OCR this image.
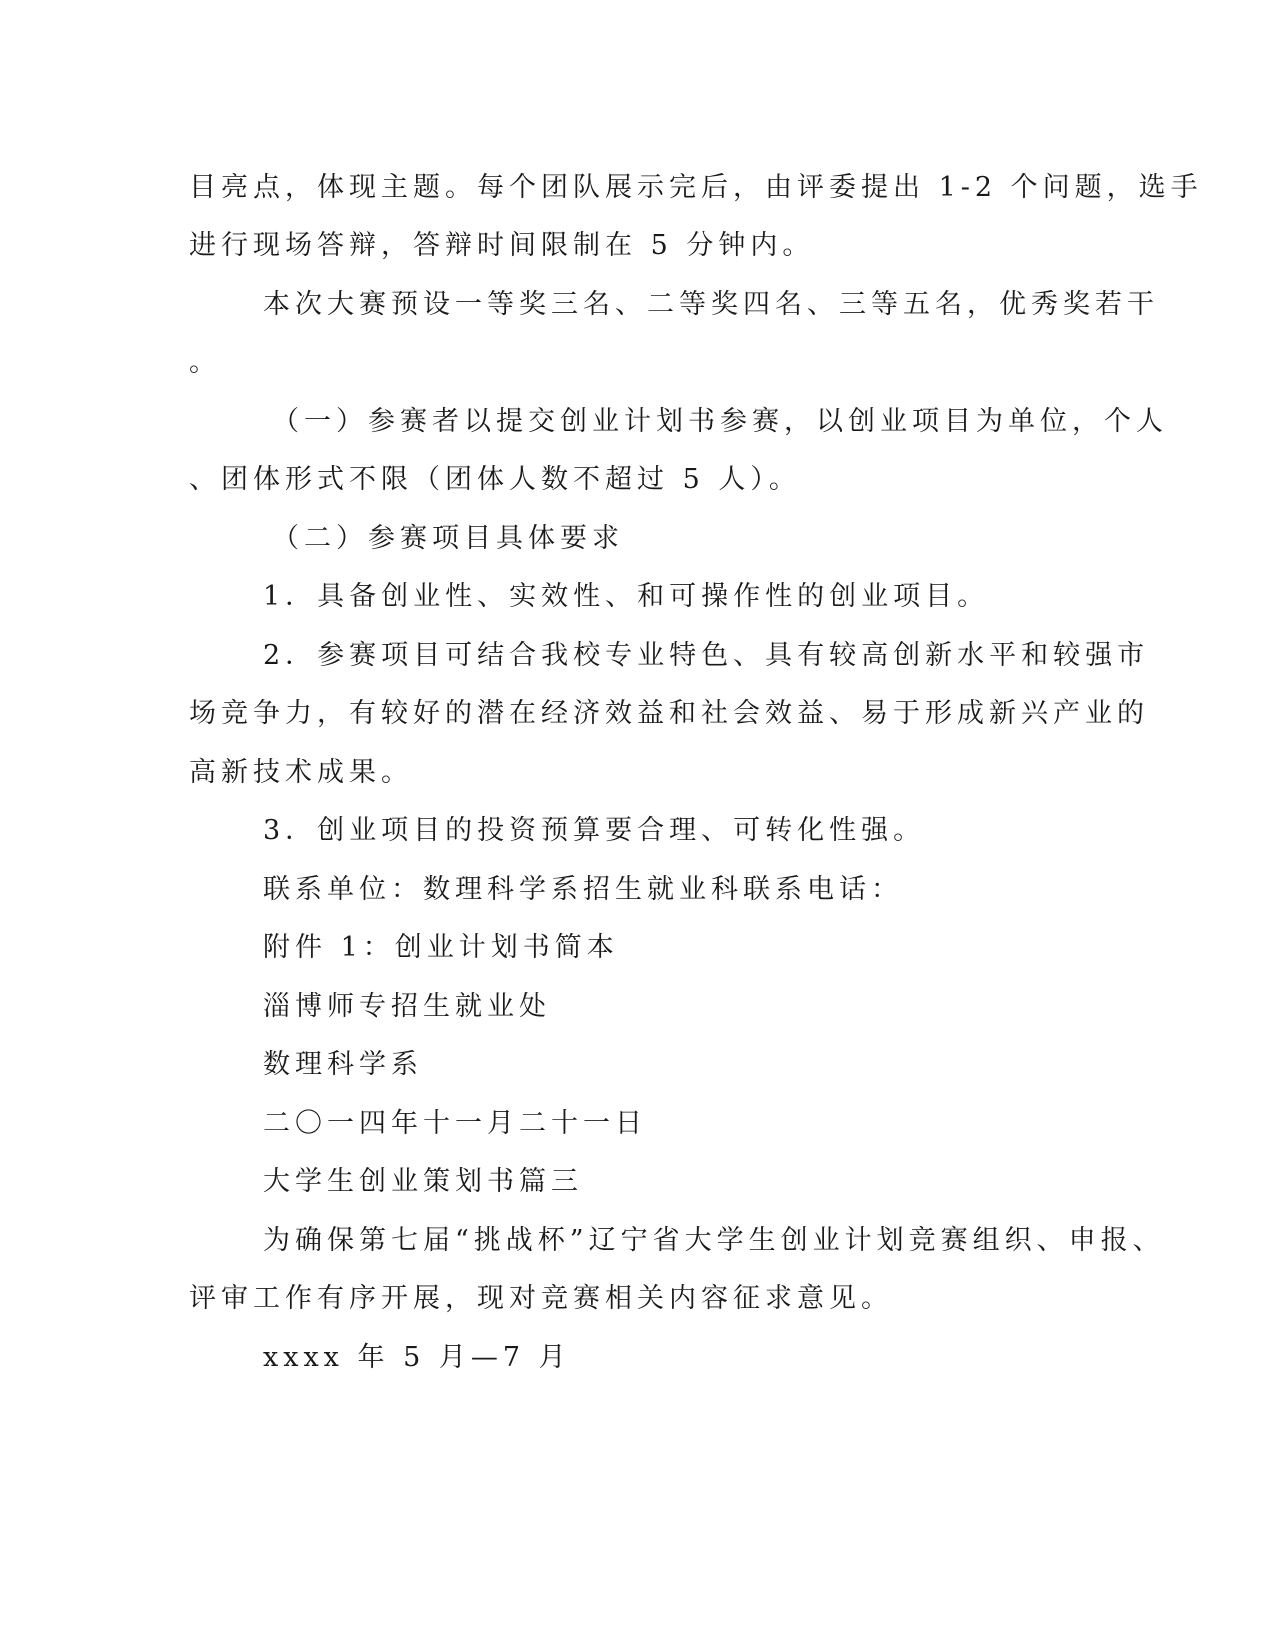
目亮点，体现主题。每个团队展示完后，由评委提出 1-2 个问题，选手
进行现场答辩，答辩时间限制在 5 分钟内。
本次大赛预设一等奖三名、二等奖四名、三等五名，优秀奖若干
。
（一）参赛者以提交创业计划书参赛，以创业项目为单位，个人
、团体形式不限（团体人数不超过 5 人）。
（二）参赛项目具体要求
1．具备创业性、实效性、和可操作性的创业项目。
2．参赛项目可结合我校专业特色、具有较高创新水平和较强市
场竞争力，有较好的潜在经济效益和社会效益、易于形成新兴产业的
高新技术成果。
3．创业项目的投资预算要合理、可转化性强。
联系单位：数理科学系招生就业科联系电话：
附件 1：创业计划书简本
淄博师专招生就业处
数理科学系
二〇一四年十一月二十一日
大学生创业策划书篇三
为确保第七届“挑战杯”辽宁省大学生创业计划竞赛组织、申报、
评审工作有序开展，现对竞赛相关内容征求意见。
xxxx 年 5 月—7 月
